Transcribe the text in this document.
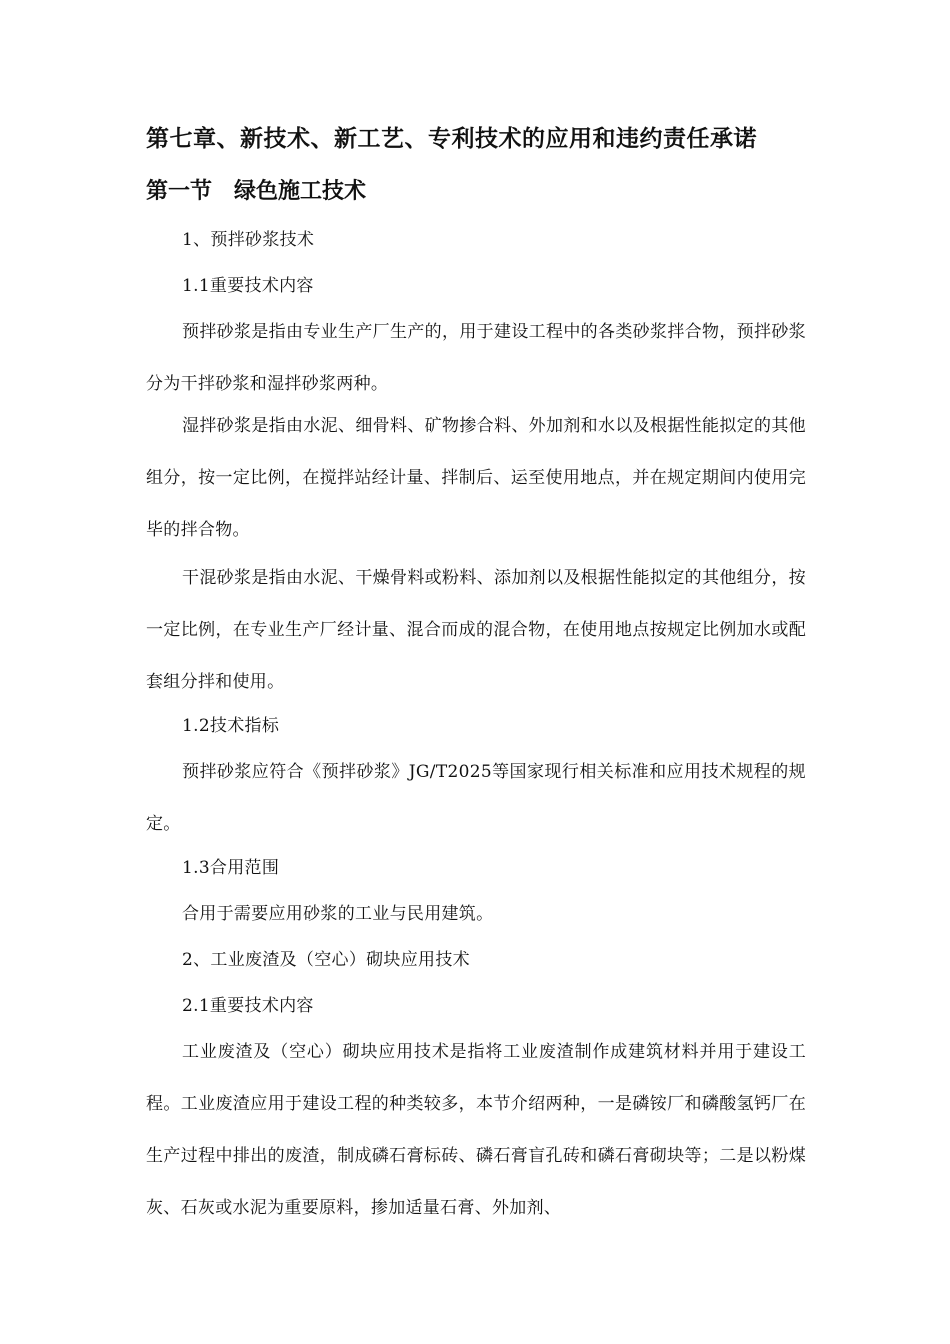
第七章、新技术、新工艺、专利技术的应用和违约责任承诺
第一节　绿色施工技术
1、预拌砂浆技术
1.1重要技术内容

预拌砂浆是指由专业生产厂生产的，用于建设工程中的各类砂浆拌合物，预拌砂浆分为干拌砂浆和湿拌砂浆两种。

湿拌砂浆是指由水泥、细骨料、矿物掺合料、外加剂和水以及根据性能拟定的其他组分，按一定比例，在搅拌站经计量、拌制后、运至使用地点，并在规定期间内使用完毕的拌合物。

干混砂浆是指由水泥、干燥骨料或粉料、添加剂以及根据性能拟定的其他组分，按一定比例，在专业生产厂经计量、混合而成的混合物，在使用地点按规定比例加水或配套组分拌和使用。

1.2技术指标

预拌砂浆应符合《预拌砂浆》JG/T2025等国家现行相关标准和应用技术规程的规定。

1.3合用范围
合用于需要应用砂浆的工业与民用建筑。
2、工业废渣及（空心）砌块应用技术
2.1重要技术内容

工业废渣及（空心）砌块应用技术是指将工业废渣制作成建筑材料并用于建设工程。工业废渣应用于建设工程的种类较多，本节介绍两种，一是磷铵厂和磷酸氢钙厂在生产过程中排出的废渣，制成磷石膏标砖、磷石膏盲孔砖和磷石膏砌块等；二是以粉煤灰、石灰或水泥为重要原料，掺加适量石膏、外加剂、
